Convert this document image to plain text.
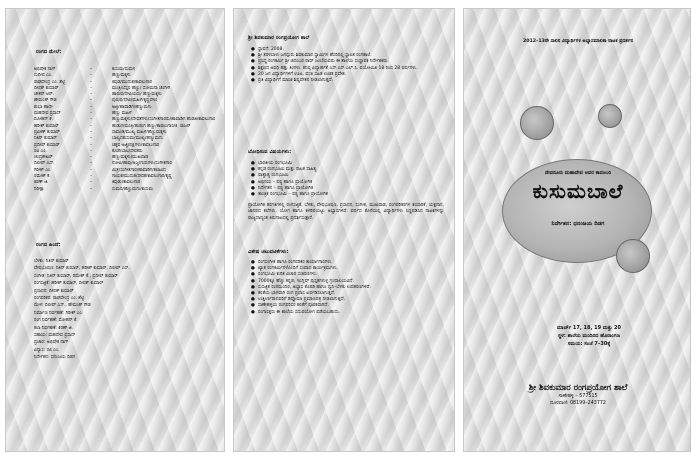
ರಂಗದ ಮೇಲೆ:
ಅಭಿಷೇಕ ನಾಗ್	–	ಕುಸುಮ/ಸುಮನ
ಸುದೀಪ ಎಂ.	–	ಹೆಣ್ಣುಮಕ್ಕಳು
ರಾಘವೇಂದ್ರ ಎಂ. ಶೆಟ್ಟಿ	–	ಕಿವುಡ/ಮುದುಕ/ಕಾವಲುಗಾರ
ದೀಪಕ್ ಕುಮಾರ್	–	ಮಂತ್ರಿ/ಬೆಸ್ತರ ಹೆಣ್ಣು/ ಸೋಮನಾ ಚೆಂಗೀಗಿ
ಚೇತನ್ ಆರ್.	–	ಹಾರುವ/ದೇವಿಯರು/ ಹೆಣ್ಣುಮಕ್ಕಳು
ಹೇಮಂತ್ ಗೌಡ	–	ಪುರುಷ/ದೇವಿ/ಮಹಿಳೆ/ಕೃಷ್ಣವೇಣಿ
ಶುಭಾ ಹಾದೇ	–	ಅಜ್ಜಿ/ಹಾವಾಡಿಗ/ಹೆಣ್ಣುಮಗು
ಮಹದೇವ ಪ್ರಸಾದ್	–	ಹೆಣ್ಣು ಮಹಿಳೆ
ಮೋಹನ್ ಕೆ.	–	ಹೆಣ್ಣುಮಕ್ಕಳು/ದೇವತೆಗಳು/ಸಂಗೀತಗಾರರು/ಹಾವಾಡಿಗ ಹೆಂಡತಿ/ಕಾವಲುಗಾರ
ಹರೀಶ್ ಕುಮಾರ್	–	ಹುಡುಗ/ಮಂತ್ರಿ/ಹುಡುಗ ಹೆಣ್ಣು/ಕಾವಲುಗಾರ/ಕಿ. ರಾಜನ್
ಪ್ರವೀಣ್ ಕುಮಾರ್	–	ಸಾಮಂತ/ಮುಖ್ಯ ಮಹಿಳೆ/ಹೆಣ್ಣುಮಕ್ಕಳು
ನಿತಿನ್ ಕುಮಾರ್	–	ಬಾಲ್ಯದಕುಸುಮ/ಮುಖ್ಯ/ಹೆಣ್ಣುಮಗು
ಪ್ರದೀಪ್ ಕುಮಾರ್	–	ಚಿಕ್ಕವ ಅಜ್ಜಿ/ಪಕ್ಷಿಗಳು/ಕಾವಲುಗಾರ
ರವಿ ಎಂ.	–	ಕೊಡೆ/ಬಾಲ/ಸೇವಕರು
ಚಂದ್ರಶೇಖರ್	–	ಹೆಣ್ಣುಮಕ್ಕಳು/ಮುಖವಾಡ
ದಿಲೀಪ್ ಎಸ್.	–	ನೋಟ/ಹಾವು/ಅಜ್ಜ/ಗುರುಗಳು/ಸಂಗೀತಗಾರ
ಗಿರೀಶ್ ಎಂ.	–	ಮಿತ್ರ/ಸಂಗೀತಗಾರ/ಹಾವಾಡಿಗ/ಕಲಾವಿದ
ರಮೇಶ್ ಕೆ.	–	ಗಾಯಕ/ಮುದುಕ/ಸೇವಕ/ಕಾವಲುಗಾರ/ಕೃಷ್ಣ
ಕಿರಣ್ ಜಿ.	–	ಕಿವುಡು/ಕಾವಲುಗಾರ
ನಿರೀಕ್ಷಾ	–	ಸುಮನ/ಹೆಣ್ಣುಮಗು/ಕುಸುಮ
ರಂಗದ ಹಿಂದೆ:
ಬೆಳಕು: ನಿತಿನ್ ಕುಮಾರ್
ವೇಷಭೂಷಣ: ನಿತಿನ್ ಕುಮಾರ್, ಹರೀಶ್ ಕುಮಾರ್, ದಿಲೀಪ್ ಎಸ್.
ಸಂಗೀತ: ನಿತಿನ್ ಕುಮಾರ್, ರಮೇಶ್ ಕೆ., ಪ್ರದೀಪ್ ಕುಮಾರ್
ರಂಗಸಜ್ಜಿಕೆ: ಹರೀಶ್ ಕುಮಾರ್, ದೀಪಕ್ ಕುಮಾರ್
ಪ್ರಸಾಧನ: ದೀಪಕ್ ಕುಮಾರ್
ರಂಗಪರಿಕರ: ರಾಘವೇಂದ್ರ ಎಂ. ಶೆಟ್ಟಿ
ಮೇಳ: ದಿಲೀಪ್ ಎಸ್., ಹೇಮಂತ್ ಗೌಡ
ನಿರ್ಮಾಣ ನಿರ್ವಹಣೆ: ಗಿರೀಶ್ ಎಂ.
ರಂಗ ನಿರ್ವಹಣೆ: ಮೋಹನ್ ಕೆ.
ಕಲಾ ನಿರ್ವಹಣೆ: ಕಿರಣ್ ಜಿ.
ಸಹಾಯ: ಮಹದೇವ ಪ್ರಸಾದ್
ಪ್ರಚಾರ: ಅಭಿಷೇಕ ನಾಗ್
ವಿನ್ಯಾಸ: ರವಿ ಎಂ.
ನಿರ್ದೇಶನ: ಧನಂಜಯ ದಿಡಗ
ಶ್ರೀ ಶಿವಕುಮಾರ ರಂಗಪ್ರಯೋಗ ಶಾಲೆ
● ಸ್ಥಾಪನೆ: 2008.
● ಶ್ರೀ ತರಳಬಾಳು ಜಗದ್ಗುರು ಶಿವಕುಮಾರ ಸ್ವಾಮಿಗಳ ಹೆಸರಿನಲ್ಲಿ ಸ್ಥಾಪಿತ ರಂಗಶಾಲೆ.
● ಪ್ರಸಿದ್ಧ ರಂಗಕರ್ಮಿ ಶ್ರೀ ಚಿದಂಬರ ರಾವ್ ಜಂಬೆಯವರು ಈ ಶಾಲೆಯ ಸಂಸ್ಥಾಪಕ ನಿರ್ದೇಶಕರು.
● ಶಿಕ್ಷಣದ ಅವಧಿ ಹತ್ತು ತಿಂಗಳು. ಕನಿಷ್ಠ ವಿದ್ಯಾರ್ಹತೆ ಎಸ್.ಎಸ್.ಎಲ್.ಸಿ. ವಯೋಮಿತಿ 18 ರಿಂದ 28 ವರ್ಷಗಳು.
● 20 ಜನ ವಿದ್ಯಾರ್ಥಿಗಳಿಗೆ ಊಟ, ವಸತಿ ಸಹಿತ ಉಚಿತ ಪ್ರವೇಶ.
● ಪ್ರತಿ ವಿದ್ಯಾರ್ಥಿಗೆ ಮಾಸಿಕ ಶಿಷ್ಯವೇತನ ನೀಡಲಾಗುತ್ತದೆ.
ಬೋಧಿಸುವ ವಿಷಯಗಳು:
● ಭಾರತೀಯ ರಂಗಭೂಮಿ
● ಕನ್ನಡ ರಂಗಭೂಮಿ ಮತ್ತು ನಾಟಕ ಸಾಹಿತ್ಯ
● ಪಾಶ್ಚಾತ್ಯ ರಂಗಭೂಮಿ
● ಅಭಿನಯ – ಪಠ್ಯ ಹಾಗೂ ಪ್ರಾಯೋಗಿಕ
● ನಿರ್ದೇಶನ – ಪಠ್ಯ ಹಾಗೂ ಪ್ರಾಯೋಗಿಕ
● ತಾಂತ್ರಿಕ ರಂಗಭೂಮಿ – ಪಠ್ಯ ಹಾಗೂ ಪ್ರಾಯೋಗಿಕ
ಪ್ರಾಯೋಗಿಕ ತರಗತಿಗಳಲ್ಲಿ ರಂಗಸಜ್ಜಿಕೆ, ಬೆಳಕು, ವೇಷಭೂಷಣ, ಪ್ರಸಾಧನ, ಸಂಗೀತ, ಮುಖವಾಡ, ರಂಗಪರಿಕರಗಳ ತಯಾರಿಕೆ, ಯಕ್ಷಗಾನ, ಜಾನಪದ ಕಲೆಗಳು, ಯೋಗ ಹಾಗೂ ಕಳರಿಪಯಟ್ಟು ಅಭ್ಯಾಸಗಳಿವೆ. ವರ್ಷದ ಕೊನೆಯಲ್ಲಿ ವಿದ್ಯಾರ್ಥಿಗಳು ಸಿದ್ಧಪಡಿಸಿದ ನಾಟಕಗಳನ್ನು ರಾಜ್ಯದಾದ್ಯಂತ ತಿರುಗಾಟದಲ್ಲಿ ಪ್ರದರ್ಶಿಸುತ್ತಾರೆ.
ವಿಶೇಷ ಚಟುವಟಿಕೆಗಳು:
● ರಂಗಸಂಗೀತ ಹಾಗೂ ರಂಗಪರಿಕರ ಕಾರ್ಯಾಗಾರಗಳು.
● ಖ್ಯಾತ ರಂಗಕರ್ಮಿಗಳೊಂದಿಗೆ ಸಂವಾದ ಕಾರ್ಯಕ್ರಮಗಳು.
● ರಂಗಭೂಮಿ ಕುರಿತ ವಿಚಾರ ಸಂಕಿರಣಗಳು.
● 7000ಕ್ಕೂ ಹೆಚ್ಚು ಕನ್ನಡ, ಇಂಗ್ಲಿಷ್ ಪುಸ್ತಕಗಳುಳ್ಳ ಗ್ರಂಥಾಲಯವಿದೆ.
● ಸುಸಜ್ಜಿತ ರಂಗಮಂದಿರ, ಅಭ್ಯಾಸ ಕೊಠಡಿ ಹಾಗೂ ಧ್ವನಿ–ಬೆಳಕು ಉಪಕರಣಗಳಿವೆ.
● ಕಲಿಕೆಯ ಭಾಗವಾಗಿ ರಂಗ ಪ್ರವಾಸ ಏರ್ಪಡಿಸಲಾಗುತ್ತದೆ.
● ಉತ್ತೀರ್ಣರಾದವರಿಗೆ ಡಿಪ್ಲೊಮಾ ಪ್ರಮಾಣಪತ್ರ ನೀಡಲಾಗುತ್ತದೆ.
● ಸಾಣೇಹಳ್ಳಿಯ ರಂಗಪರಿಸರ ಕಲಿಕೆಗೆ ಪೂರಕವಾಗಿದೆ.
● ರಂಗಾಸಕ್ತರು ಈ ಶಾಲೆಯ ಸದುಪಯೋಗ ಪಡೆಯಬಹುದು.
2012–13ನೇ ಸಾಲಿನ ವಿದ್ಯಾರ್ಥಿಗಳ ಅಭ್ಯಾಸಮಾಲಿಕಾ ನಾಟಕ ಪ್ರದರ್ಶನ
ದೇವನೂರು ಮಹಾದೇವ ಅವರ ಕಾದಂಬರಿ
ಕುಸುಮಬಾಲೆ
ನಿರ್ದೇಶನ: ಧನಂಜಯ ದಿಡಗ
ಮಾರ್ಚ್ 17, 18, 19 ಮತ್ತು 20
ಸ್ಥಳ: ಶಾಲೆಯ ಮಂದಿರದ ಹೊರಾಂಗಣ
ಸಮಯ: ಸಂಜೆ 7–30ಕ್ಕೆ
ಶ್ರೀ ಶಿವಕುಮಾರ ರಂಗಪ್ರಯೋಗ ಶಾಲೆ
ಸಾಣೇಹಳ್ಳಿ – 577515
ದೂರವಾಣಿ: 08199–243772
